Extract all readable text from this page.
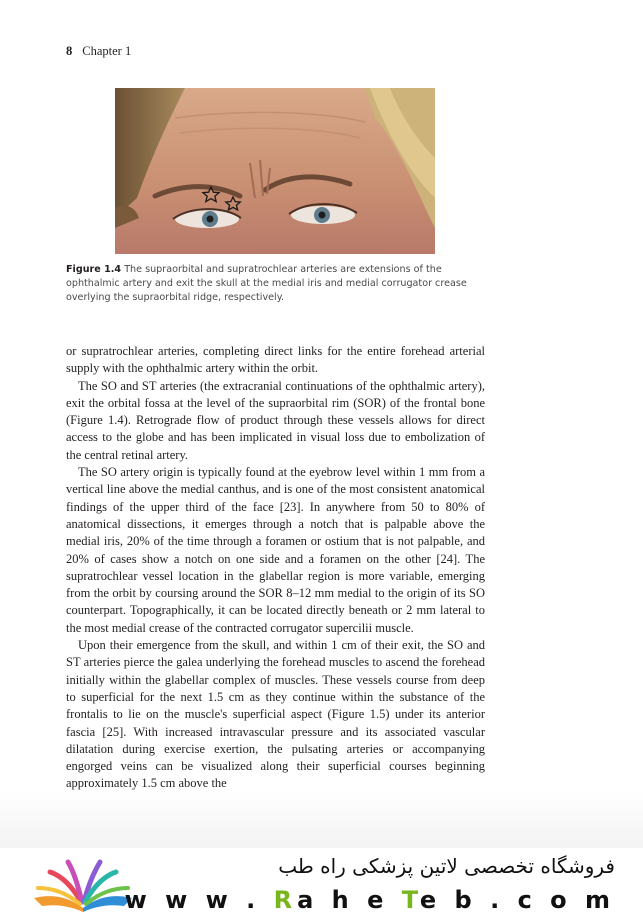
8 Chapter 1
Figure 1.4 The supraorbital and supratrochlear arteries are extensions of the ophthalmic artery and exit the skull at the medial iris and medial corrugator crease overlying the supraorbital ridge, respectively.

or supratrochlear arteries, completing direct links for the entire forehead arterial supply with the ophthalmic artery within the orbit.

The SO and ST arteries (the extracranial continuations of the ophthalmic artery), exit the orbital fossa at the level of the supraorbital rim (SOR) of the frontal bone (Figure 1.4). Retrograde flow of product through these vessels allows for direct access to the globe and has been implicated in visual loss due to embolization of the central retinal artery.

The SO artery origin is typically found at the eyebrow level within 1 mm from a vertical line above the medial canthus, and is one of the most consistent anatomical findings of the upper third of the face [23]. In anywhere from 50 to 80% of anatomical dissections, it emerges through a notch that is palpable above the medial iris, 20% of the time through a foramen or ostium that is not palpable, and 20% of cases show a notch on one side and a foramen on the other [24]. The supratrochlear vessel location in the glabellar region is more variable, emerging from the orbit by coursing around the SOR 8–12 mm medial to the origin of its SO counterpart. Topographically, it can be located directly beneath or 2 mm lateral to the most medial crease of the contracted corrugator supercilii muscle.

Upon their emergence from the skull, and within 1 cm of their exit, the SO and ST arteries pierce the galea underlying the forehead muscles to ascend the forehead initially within the glabellar complex of muscles. These vessels course from deep to superficial for the next 1.5 cm as they continue within the substance of the frontalis to lie on the muscle's superficial aspect (Figure 1.5) under its anterior fascia [25]. With increased intravascular pressure and its associated vascular dilatation during exercise exertion, the pulsating arteries or accompanying engorged veins can be visualized along their superficial courses beginning approximately 1.5 cm above the

فروشگاه تخصصی لاتین پزشکی راه طب
w w w . Ra h e Te b . c o m
